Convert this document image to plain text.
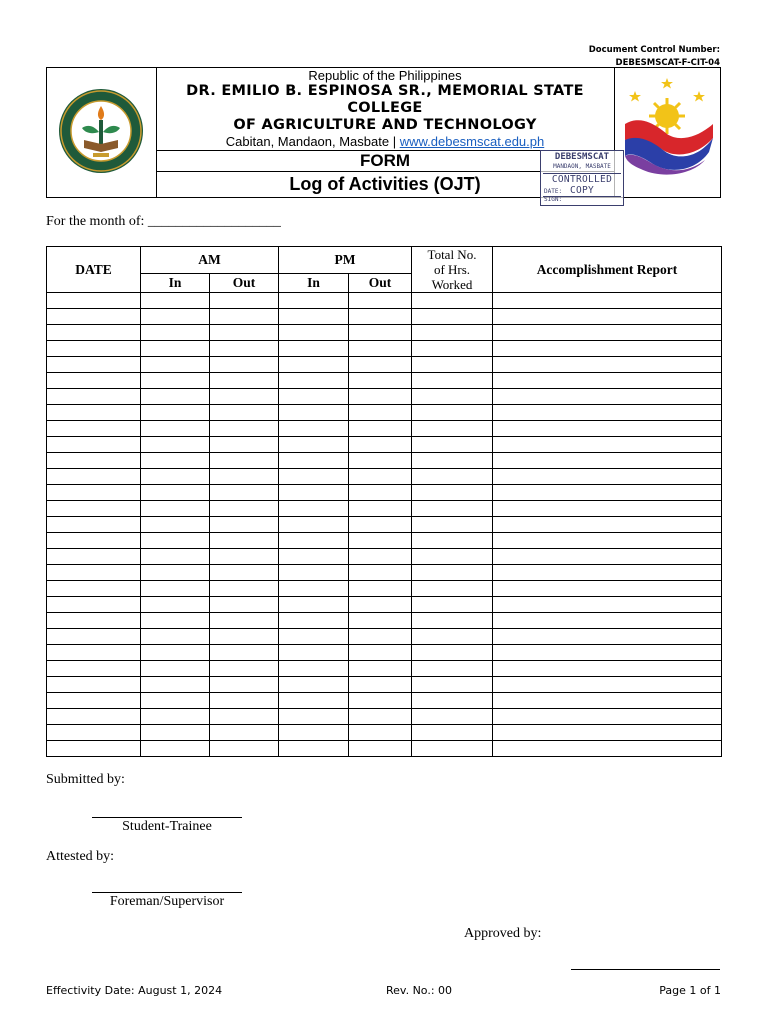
Document Control Number:
DEBESMSCAT-F-CIT-04
Republic of the Philippines
DR. EMILIO B. ESPINOSA SR., MEMORIAL STATE
COLLEGE
OF AGRICULTURE AND TECHNOLOGY
Cabitan, Mandaon, Masbate | www.debesmscat.edu.ph
FORM
Log of Activities (OJT)
DEBESMSCAT
MANDAON, MASBATE
CONTROLLED COPY
DATE:
SIGN:
For the month of: ___________________
DATE	AM		PM		Total No.
of Hrs.
Worked	Accomplishment Report
	In	Out	In	Out		

Submitted by:
Student-Trainee
Attested by:
Foreman/Supervisor
Approved by:
Effectivity Date: August 1, 2024	Rev. No.: 00	Page 1 of 1
